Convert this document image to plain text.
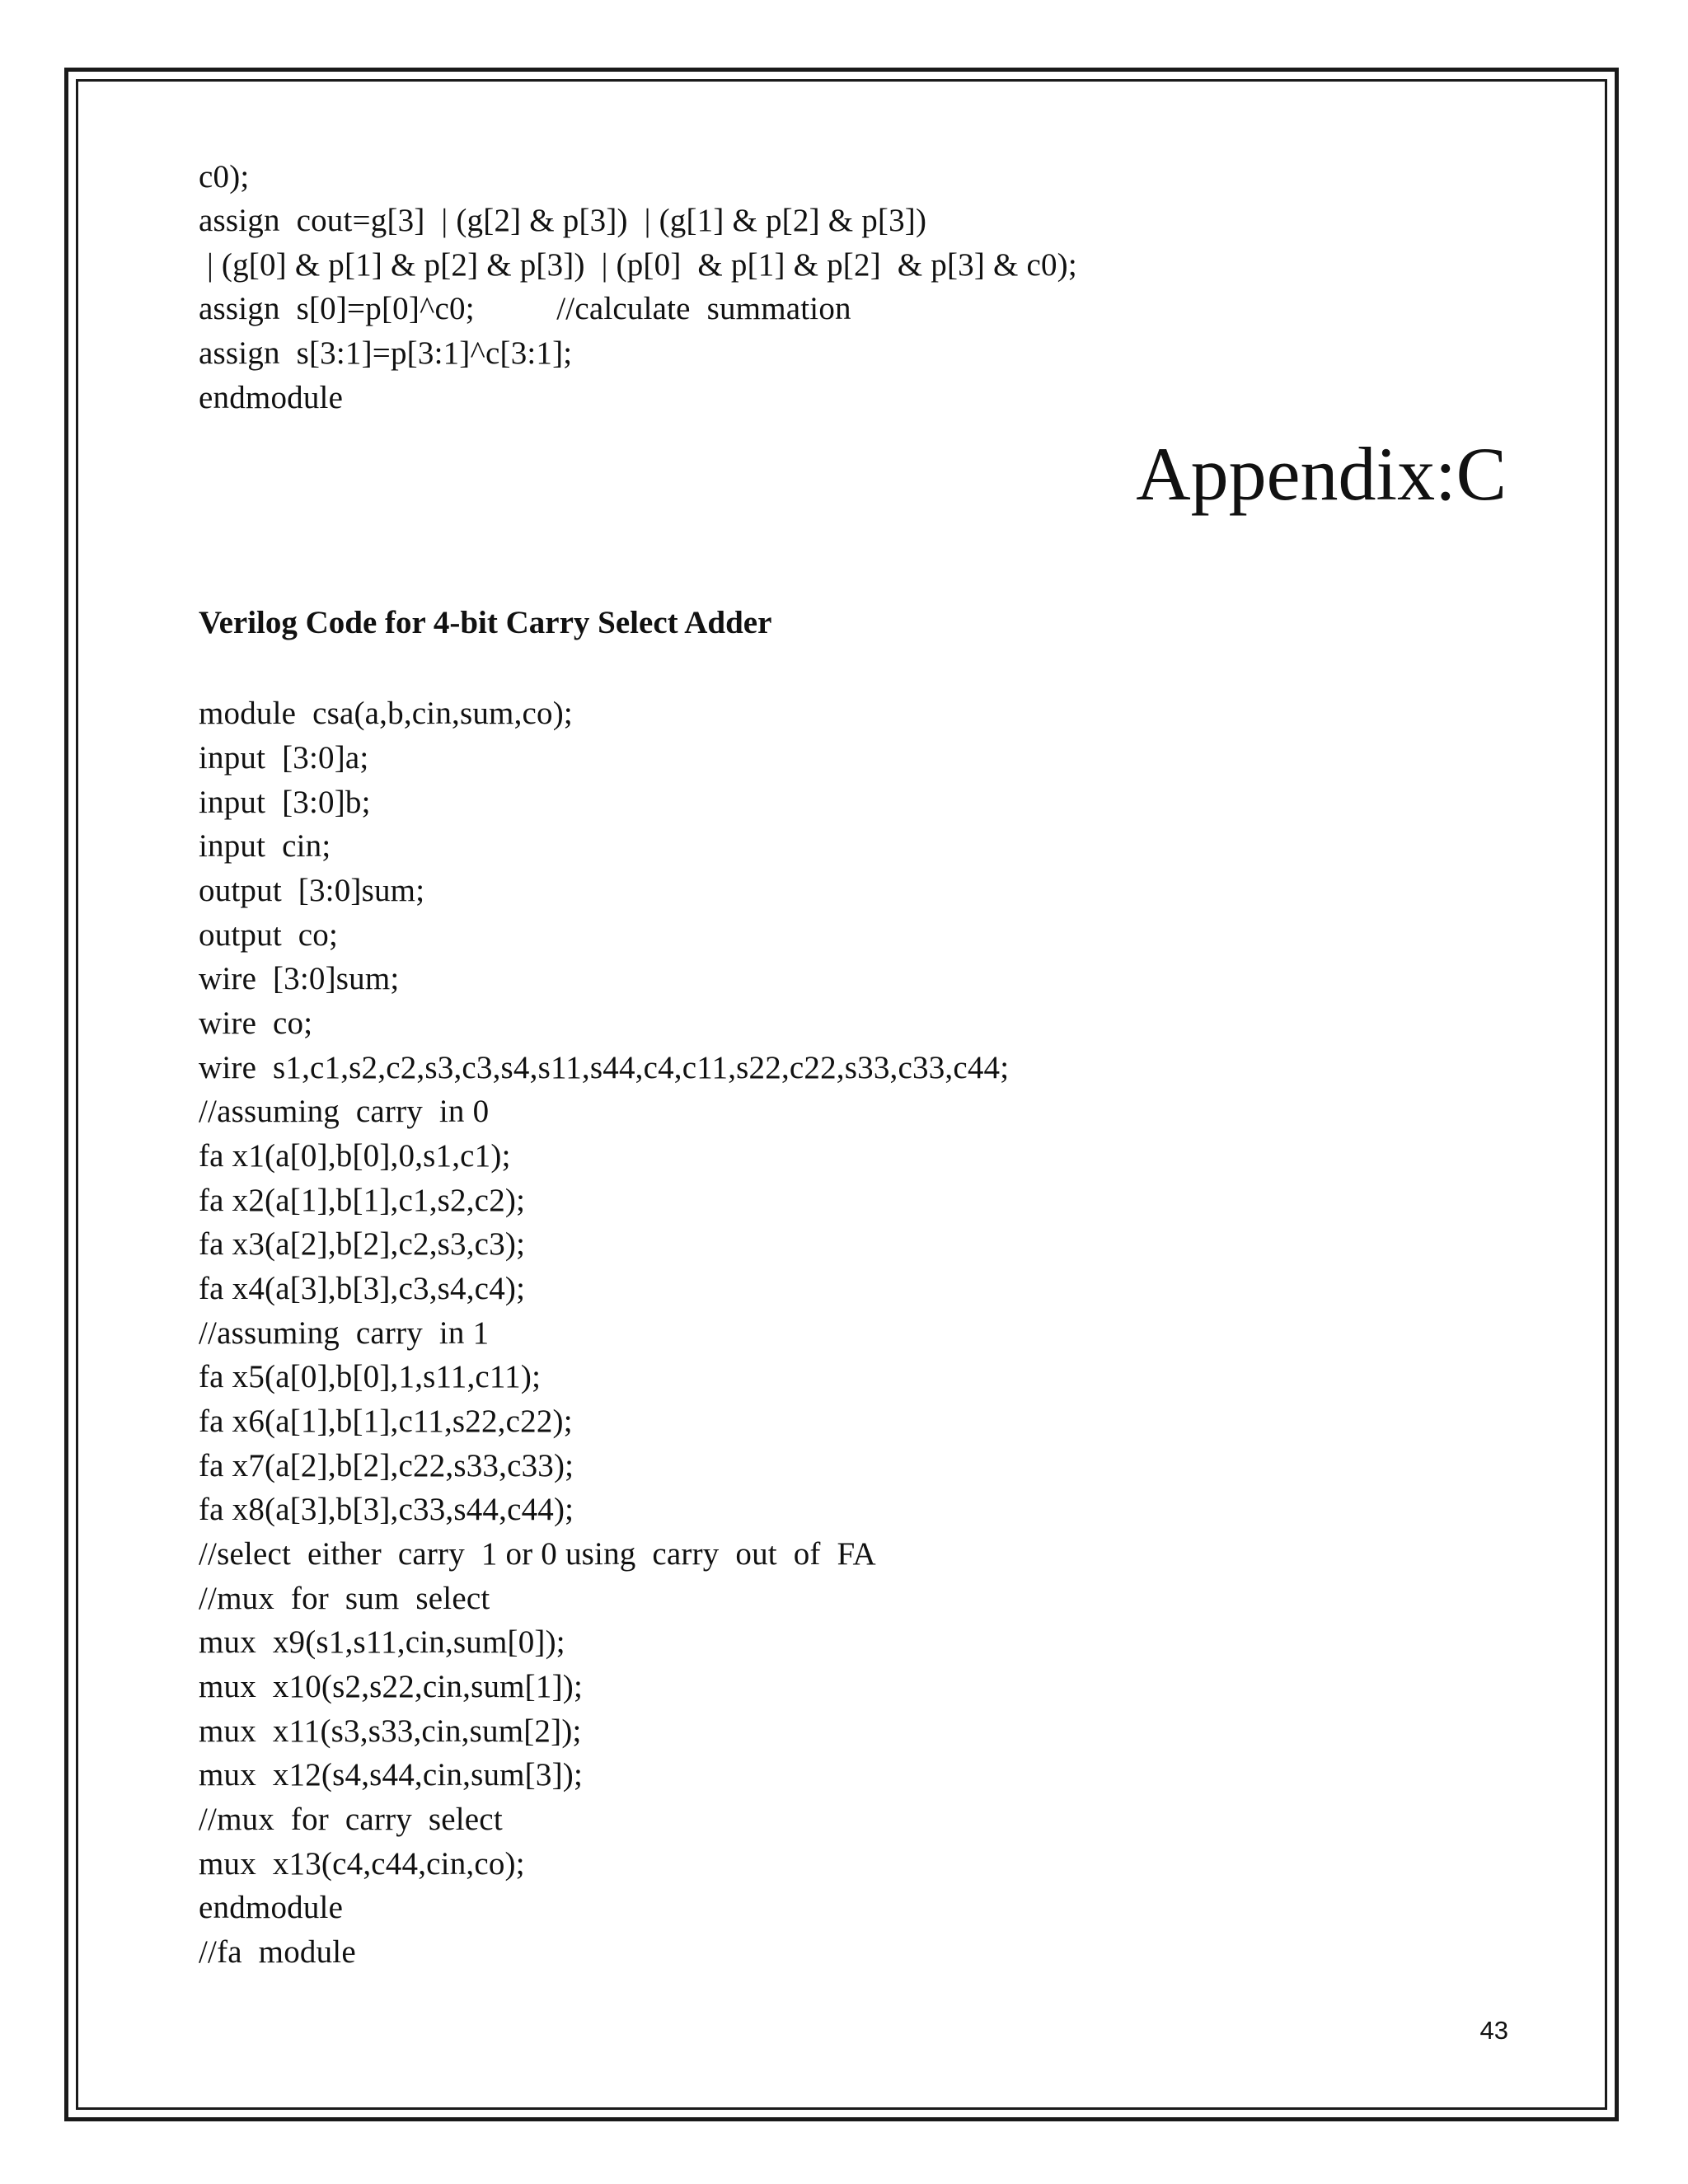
c0);
assign  cout=g[3]  | (g[2] & p[3])  | (g[1] & p[2] & p[3])
| (g[0] & p[1] & p[2] & p[3])  | (p[0]  & p[1] & p[2]  & p[3] & c0);
assign  s[0]=p[0]^c0;          //calculate  summation
assign  s[3:1]=p[3:1]^c[3:1];
endmodule
Appendix:C
Verilog Code for 4-bit Carry Select Adder
module  csa(a,b,cin,sum,co);
input  [3:0]a;
input  [3:0]b;
input  cin;
output  [3:0]sum;
output  co;
wire  [3:0]sum;
wire  co;
wire  s1,c1,s2,c2,s3,c3,s4,s11,s44,c4,c11,s22,c22,s33,c33,c44;
//assuming  carry  in 0
fa x1(a[0],b[0],0,s1,c1);
fa x2(a[1],b[1],c1,s2,c2);
fa x3(a[2],b[2],c2,s3,c3);
fa x4(a[3],b[3],c3,s4,c4);
//assuming  carry  in 1
fa x5(a[0],b[0],1,s11,c11);
fa x6(a[1],b[1],c11,s22,c22);
fa x7(a[2],b[2],c22,s33,c33);
fa x8(a[3],b[3],c33,s44,c44);
//select  either  carry  1 or 0 using  carry  out  of  FA
//mux  for  sum  select
mux  x9(s1,s11,cin,sum[0]);
mux  x10(s2,s22,cin,sum[1]);
mux  x11(s3,s33,cin,sum[2]);
mux  x12(s4,s44,cin,sum[3]);
//mux  for  carry  select
mux  x13(c4,c44,cin,co);
endmodule
//fa  module
43
